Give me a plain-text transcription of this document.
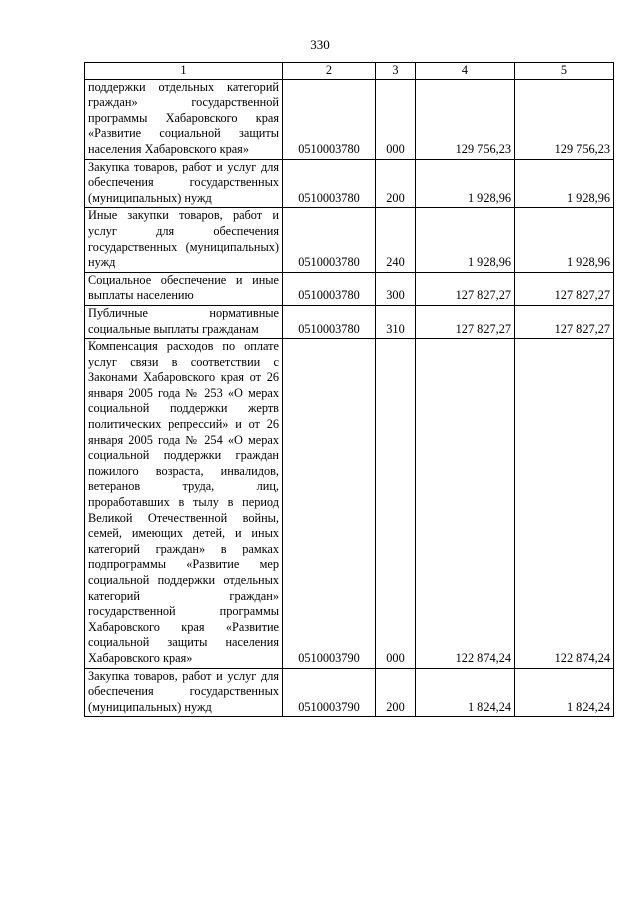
330
1	2	3	4	5
поддержки отдельных категорий граждан» государственной программы Хабаровского края «Развитие социальной защиты населения Хабаровского края»	0510003780	000	129 756,23	129 756,23
Закупка товаров, работ и услуг для обеспечения государственных (муниципальных) нужд	0510003780	200	1 928,96	1 928,96
Иные закупки товаров, работ и услуг для обеспечения государственных (муниципальных) нужд	0510003780	240	1 928,96	1 928,96
Социальное обеспечение и иные выплаты населению	0510003780	300	127 827,27	127 827,27
Публичные нормативные социальные выплаты гражданам	0510003780	310	127 827,27	127 827,27
Компенсация расходов по оплате услуг связи в соответствии с Законами Хабаровского края от 26 января 2005 года № 253 «О мерах социальной поддержки жертв политических репрессий» и от 26 января 2005 года № 254 «О мерах социальной поддержки граждан пожилого возраста, инвалидов, ветеранов труда, лиц, проработавших в тылу в период Великой Отечественной войны, семей, имеющих детей, и иных категорий граждан» в рамках подпрограммы «Развитие мер социальной поддержки отдельных категорий граждан» государственной программы Хабаровского края «Развитие социальной защиты населения Хабаровского края»	0510003790	000	122 874,24	122 874,24
Закупка товаров, работ и услуг для обеспечения государственных (муниципальных) нужд	0510003790	200	1 824,24	1 824,24
